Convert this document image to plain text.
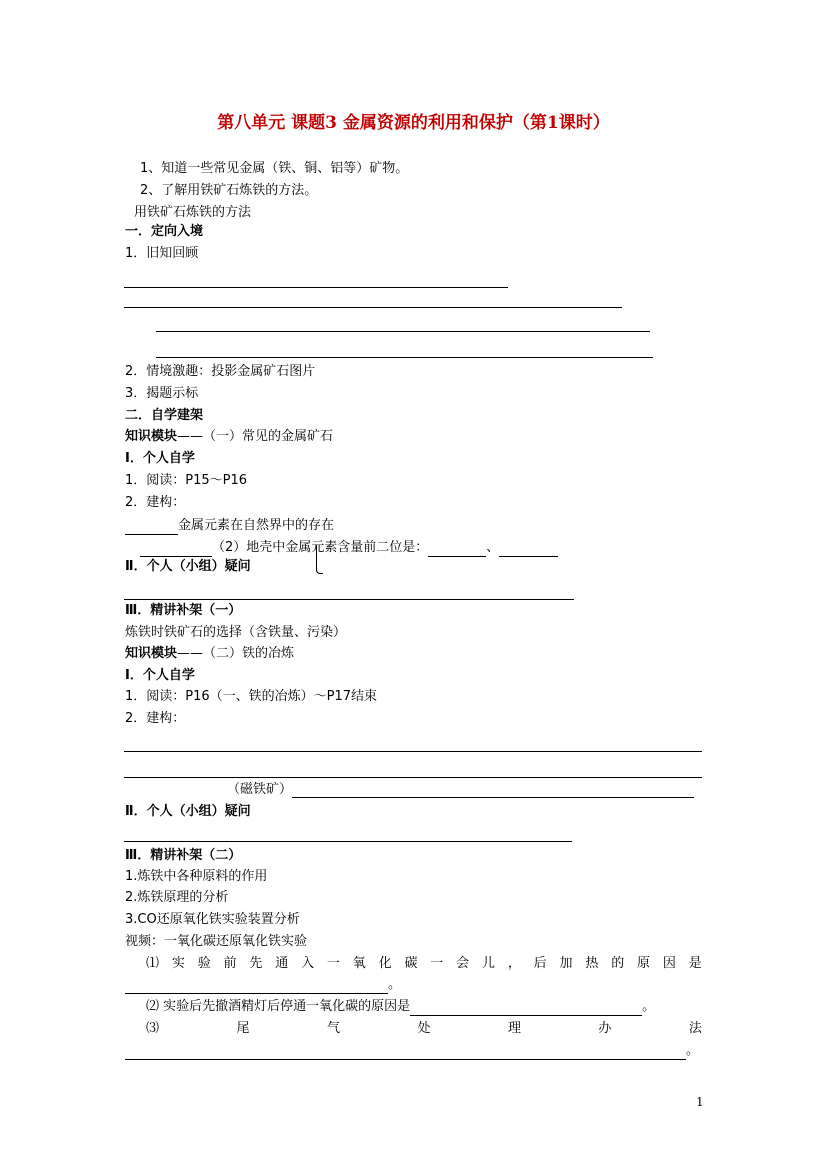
第八单元 课题3 金属资源的利用和保护（第1课时）
1、知道一些常见金属（铁、铜、铝等）矿物。
2、了解用铁矿石炼铁的方法。
用铁矿石炼铁的方法
一．定向入境
1．旧知回顾
2．情境激趣：投影金属矿石图片
3．揭题示标
二．自学建架
知识模块——（一）常见的金属矿石
Ⅰ．个人自学
1．阅读：P15～P16
2．建构：
金属元素在自然界中的存在
（2）地壳中金属元素含量前二位是：	、
Ⅱ．个人（小组）疑问
Ⅲ．精讲补架（一）
炼铁时铁矿石的选择（含铁量、污染）
知识模块——（二）铁的冶炼
Ⅰ．个人自学
1．阅读：P16（一、铁的冶炼）～P17结束
2．建构：
（磁铁矿）
Ⅱ．个人（小组）疑问
Ⅲ．精讲补架（二）
1.炼铁中各种原料的作用
2.炼铁原理的分析
3.CO还原氧化铁实验装置分析
视频：一氧化碳还原氧化铁实验
⑴ 实 验 前 先 通 入 一 氧 化 碳 一 会 儿 ， 后 加 热 的 原 因 是
。
⑵ 实验后先撤酒精灯后停通一氧化碳的原因是	。
⑶	尾	气	处	理	办	法
。
1
